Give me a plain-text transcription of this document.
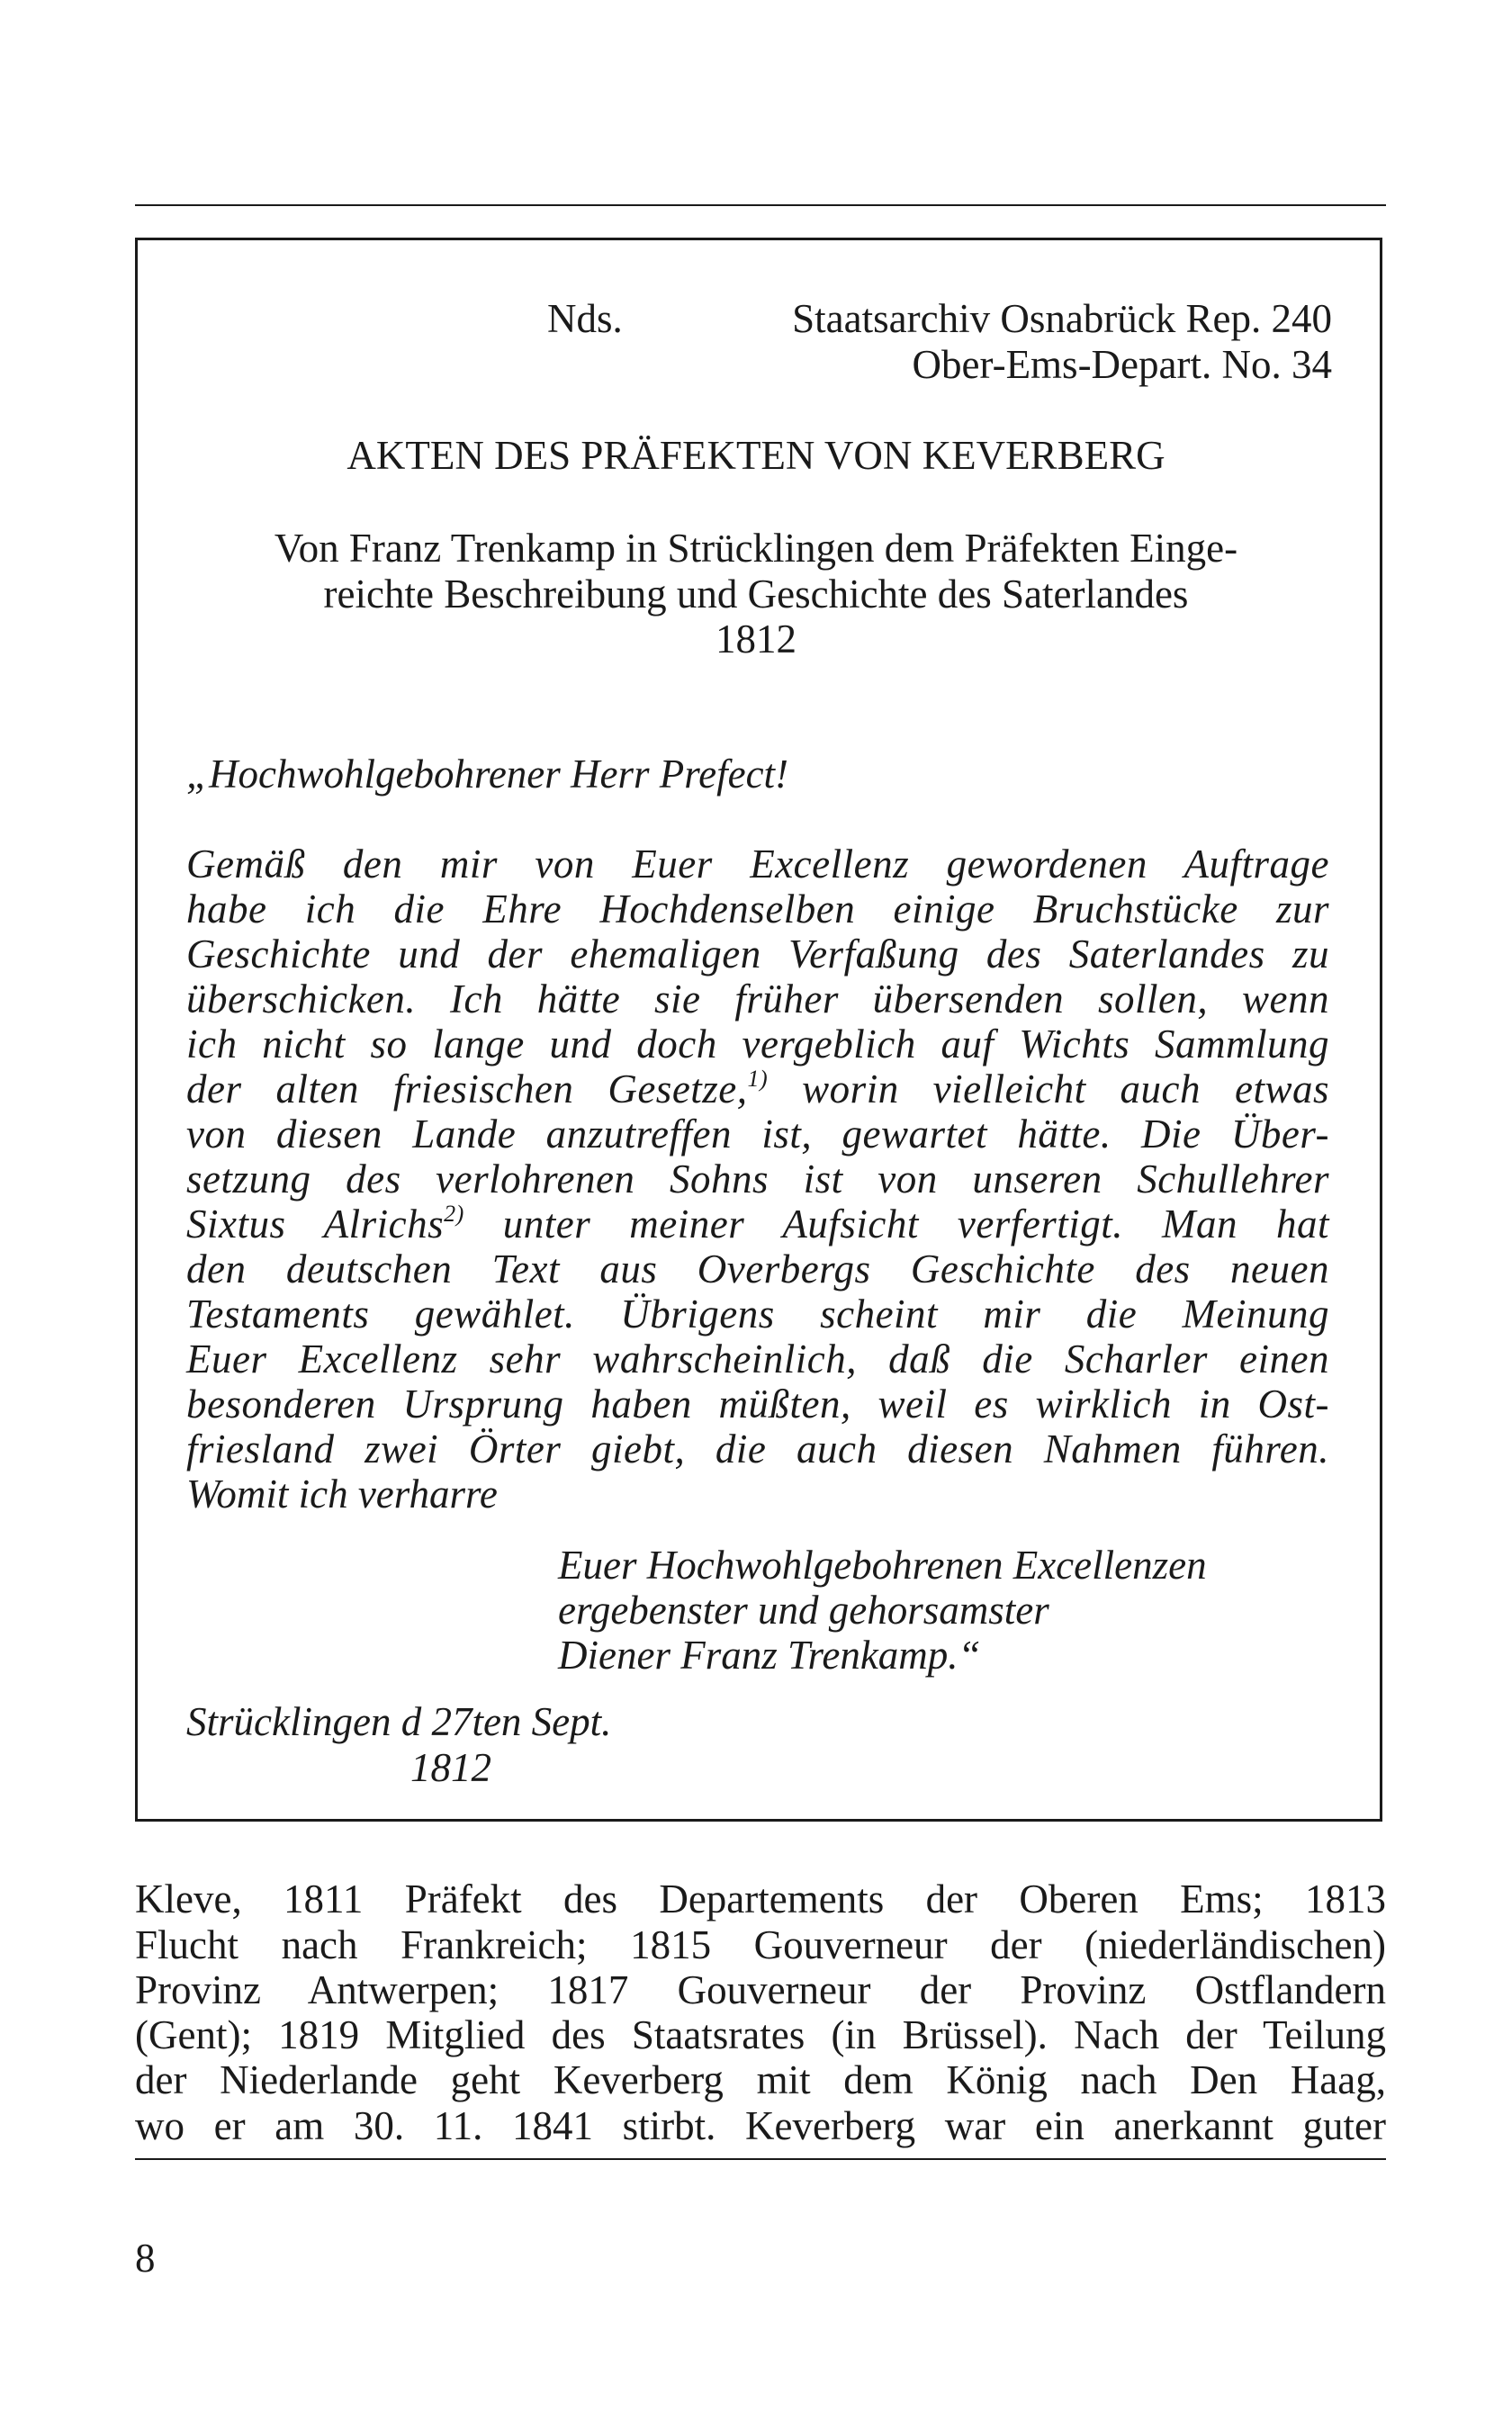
Nds.	Staatsarchiv Osnabrück Rep. 240
Ober-Ems-Depart. No. 34
AKTEN DES PRÄFEKTEN VON KEVERBERG
Von Franz Trenkamp in Strücklingen dem Präfekten Einge-
reichte Beschreibung und Geschichte des Saterlandes
1812
„Hochwohlgebohrener Herr Prefect!
Gemäß den mir von Euer Excellenz gewordenen Auftrage
habe ich die Ehre Hochdenselben einige Bruchstücke zur
Geschichte und der ehemaligen Verfaßung des Saterlandes zu
überschicken. Ich hätte sie früher übersenden sollen, wenn
ich nicht so lange und doch vergeblich auf Wichts Sammlung
der alten friesischen Gesetze,$^{1)}$ worin vielleicht auch etwas
von diesen Lande anzutreffen ist, gewartet hätte. Die Über-
setzung des verlohrenen Sohns ist von unseren Schullehrer
Sixtus Alrichs$^{2)}$ unter meiner Aufsicht verfertigt. Man hat
den deutschen Text aus Overbergs Geschichte des neuen
Testaments gewählet. Übrigens scheint mir die Meinung
Euer Excellenz sehr wahrscheinlich, daß die Scharler einen
besonderen Ursprung haben müßten, weil es wirklich in Ost-
friesland zwei Örter giebt, die auch diesen Nahmen führen.
Womit ich verharre
Euer Hochwohlgebohrenen Excellenzen
ergebenster und gehorsamster
Diener Franz Trenkamp.“
Strücklingen d 27ten Sept.
1812
Kleve, 1811 Präfekt des Departements der Oberen Ems; 1813
Flucht nach Frankreich; 1815 Gouverneur der (niederländischen)
Provinz Antwerpen; 1817 Gouverneur der Provinz Ostflandern
(Gent); 1819 Mitglied des Staatsrates (in Brüssel). Nach der Teilung
der Niederlande geht Keverberg mit dem König nach Den Haag,
wo er am 30. 11. 1841 stirbt. Keverberg war ein anerkannt guter
8
